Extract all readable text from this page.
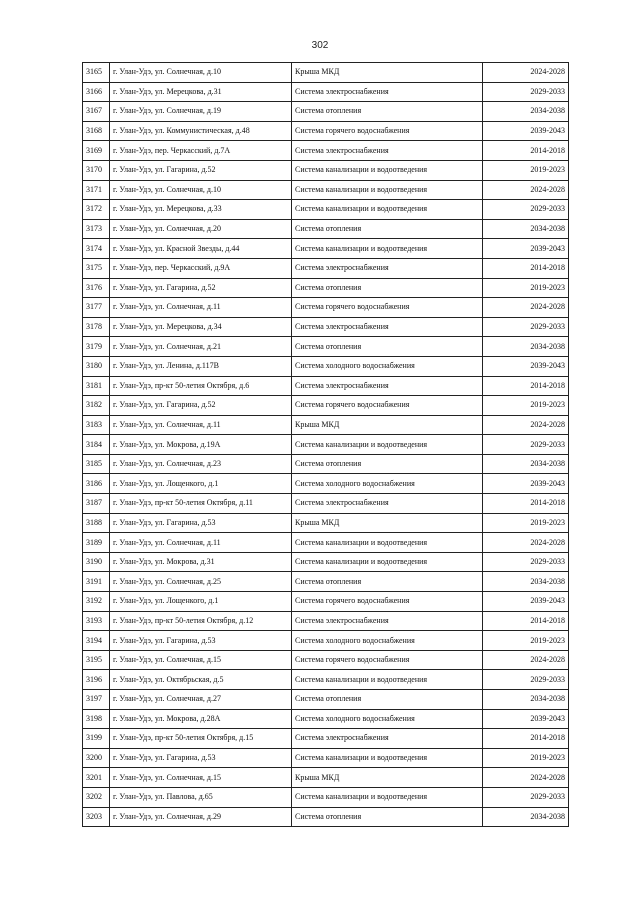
302
3165	г. Улан-Удэ, ул. Солнечная, д.10	Крыша МКД	2024-2028
3166	г. Улан-Удэ, ул. Мерецкова, д.31	Система электроснабжения	2029-2033
3167	г. Улан-Удэ, ул. Солнечная, д.19	Система отопления	2034-2038
3168	г. Улан-Удэ, ул. Коммунистическая, д.48	Система горячего водоснабжения	2039-2043
3169	г. Улан-Удэ, пер. Черкасский, д.7А	Система электроснабжения	2014-2018
3170	г. Улан-Удэ, ул. Гагарина, д.52	Система канализации и водоотведения	2019-2023
3171	г. Улан-Удэ, ул. Солнечная, д.10	Система канализации и водоотведения	2024-2028
3172	г. Улан-Удэ, ул. Мерецкова, д.33	Система канализации и водоотведения	2029-2033
3173	г. Улан-Удэ, ул. Солнечная, д.20	Система отопления	2034-2038
3174	г. Улан-Удэ, ул. Красной Звезды, д.44	Система канализации и водоотведения	2039-2043
3175	г. Улан-Удэ, пер. Черкасский, д.9А	Система электроснабжения	2014-2018
3176	г. Улан-Удэ, ул. Гагарина, д.52	Система отопления	2019-2023
3177	г. Улан-Удэ, ул. Солнечная, д.11	Система горячего водоснабжения	2024-2028
3178	г. Улан-Удэ, ул. Мерецкова, д.34	Система электроснабжения	2029-2033
3179	г. Улан-Удэ, ул. Солнечная, д.21	Система отопления	2034-2038
3180	г. Улан-Удэ, ул. Ленина, д.117В	Система холодного водоснабжения	2039-2043
3181	г. Улан-Удэ, пр-кт 50-летия Октября, д.6	Система электроснабжения	2014-2018
3182	г. Улан-Удэ, ул. Гагарина, д.52	Система горячего водоснабжения	2019-2023
3183	г. Улан-Удэ, ул. Солнечная, д.11	Крыша МКД	2024-2028
3184	г. Улан-Удэ, ул. Мокрова, д.19А	Система канализации и водоотведения	2029-2033
3185	г. Улан-Удэ, ул. Солнечная, д.23	Система отопления	2034-2038
3186	г. Улан-Удэ, ул. Лощенкого, д.1	Система холодного водоснабжения	2039-2043
3187	г. Улан-Удэ, пр-кт 50-летия Октября, д.11	Система электроснабжения	2014-2018
3188	г. Улан-Удэ, ул. Гагарина, д.53	Крыша МКД	2019-2023
3189	г. Улан-Удэ, ул. Солнечная, д.11	Система канализации и водоотведения	2024-2028
3190	г. Улан-Удэ, ул. Мокрова, д.31	Система канализации и водоотведения	2029-2033
3191	г. Улан-Удэ, ул. Солнечная, д.25	Система отопления	2034-2038
3192	г. Улан-Удэ, ул. Лощенкого, д.1	Система горячего водоснабжения	2039-2043
3193	г. Улан-Удэ, пр-кт 50-летия Октября, д.12	Система электроснабжения	2014-2018
3194	г. Улан-Удэ, ул. Гагарина, д.53	Система холодного водоснабжения	2019-2023
3195	г. Улан-Удэ, ул. Солнечная, д.15	Система горячего водоснабжения	2024-2028
3196	г. Улан-Удэ, ул. Октябрьская, д.5	Система канализации и водоотведения	2029-2033
3197	г. Улан-Удэ, ул. Солнечная, д.27	Система отопления	2034-2038
3198	г. Улан-Удэ, ул. Мокрова, д.28А	Система холодного водоснабжения	2039-2043
3199	г. Улан-Удэ, пр-кт 50-летия Октября, д.15	Система электроснабжения	2014-2018
3200	г. Улан-Удэ, ул. Гагарина, д.53	Система канализации и водоотведения	2019-2023
3201	г. Улан-Удэ, ул. Солнечная, д.15	Крыша МКД	2024-2028
3202	г. Улан-Удэ, ул. Павлова, д.65	Система канализации и водоотведения	2029-2033
3203	г. Улан-Удэ, ул. Солнечная, д.29	Система отопления	2034-2038
